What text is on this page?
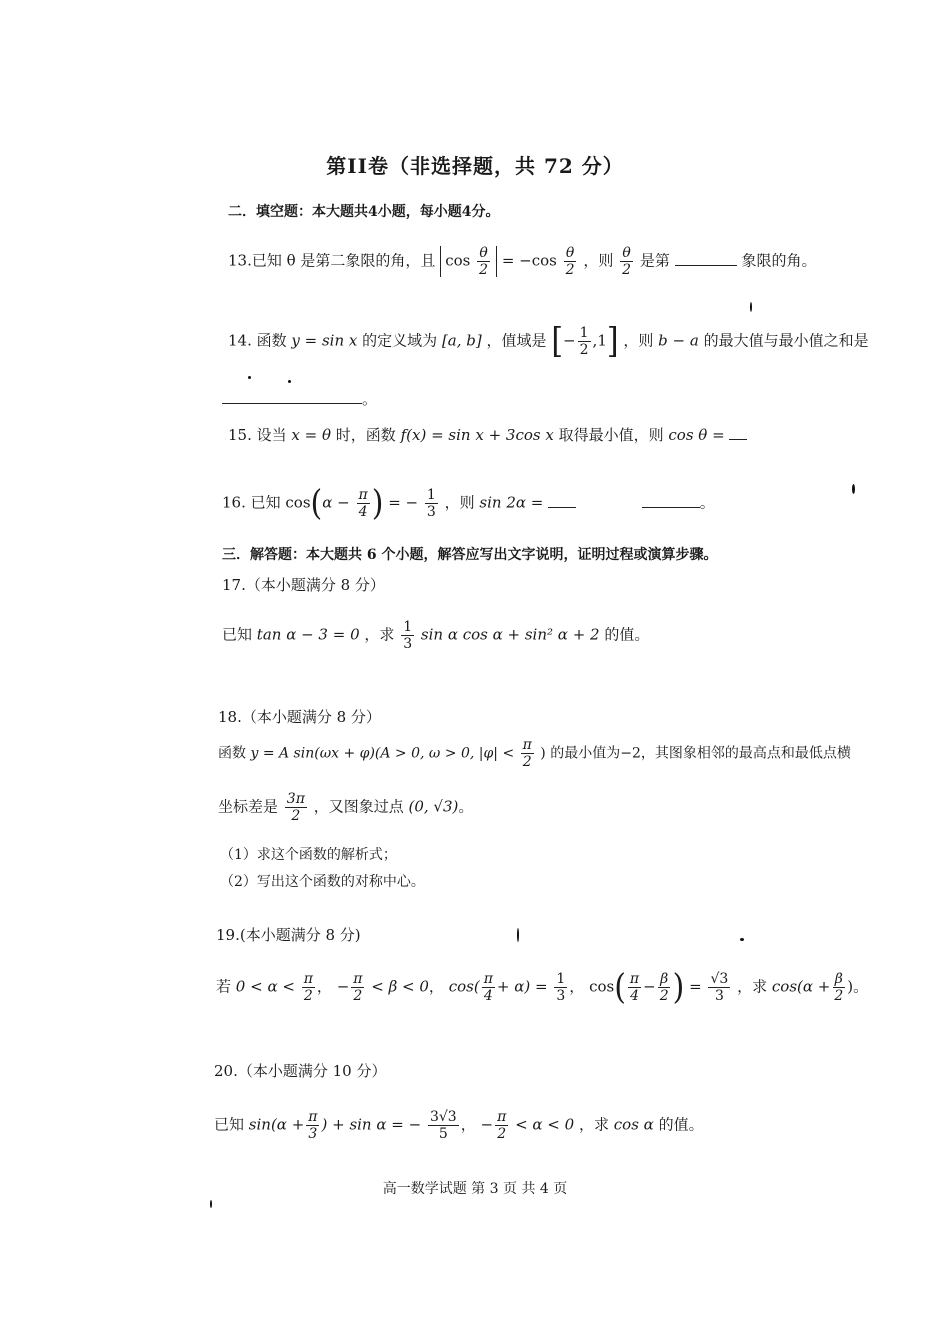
第II卷（非选择题，共 72 分）
二．填空题：本大题共4小题，每小题4分。
13.已知 θ 是第二象限的角，且 $\cos \frac{\theta}{2} = -\cos \frac{\theta}{2}$ ，则 $\frac{\theta}{2}$ 是第	象限的角。
14. 函数 y = sin x 的定义域为 [a, b] ，值域是 [− $\frac{1}{2} ,1$] ，则 b − a 的最大值与最小值之和是
。
15. 设当 x = θ 时，函数 f(x) = sin x + 3cos x 取得最小值，则 cos θ =
16. 已知 $\cos(\alpha - \frac{\pi}{4}$ ) = − $\frac{1}{3}$ ，则 sin 2α =	。
三．解答题：本大题共 6 个小题，解答应写出文字说明，证明过程或演算步骤。
17.（本小题满分 8 分）
已知 tan α − 3 = 0 ，求 $\frac{1}{3}$ sin α cos α + sin² α + 2 的值。
18.（本小题满分 8 分）
函数 y = A sin(ωx + φ)(A > 0, ω > 0, $|\varphi| < \frac{\pi}{2}$ ) 的最小值为−2，其图象相邻的最高点和最低点横
坐标差是 $\frac{3\pi}{2}$ ，又图象过点 (0, √3)。
（1）求这个函数的解析式；
（2）写出这个函数的对称中心。
19.(本小题满分 8 分)
若 $0 < \alpha < \frac{\pi}{2}$ ， − $\frac{\pi}{2} < \beta < 0$， $\cos( \frac{\pi}{4} + \alpha) = \frac{1}{3}$ ， $\cos( \frac{\pi}{4} - \frac{\beta}{2}$ ) = $\frac{√3}{3}$ ，求 $\cos(\alpha + \frac{\beta}{2}$ )。
20.（本小题满分 10 分）
已知 $\sin(\alpha + \frac{\pi}{3}$ ) + sin α = − $\frac{3√3}{5}$ ， − $\frac{\pi}{2} < \alpha < 0$ ，求 cos α 的值。
高一数学试题 第 3 页 共 4 页
